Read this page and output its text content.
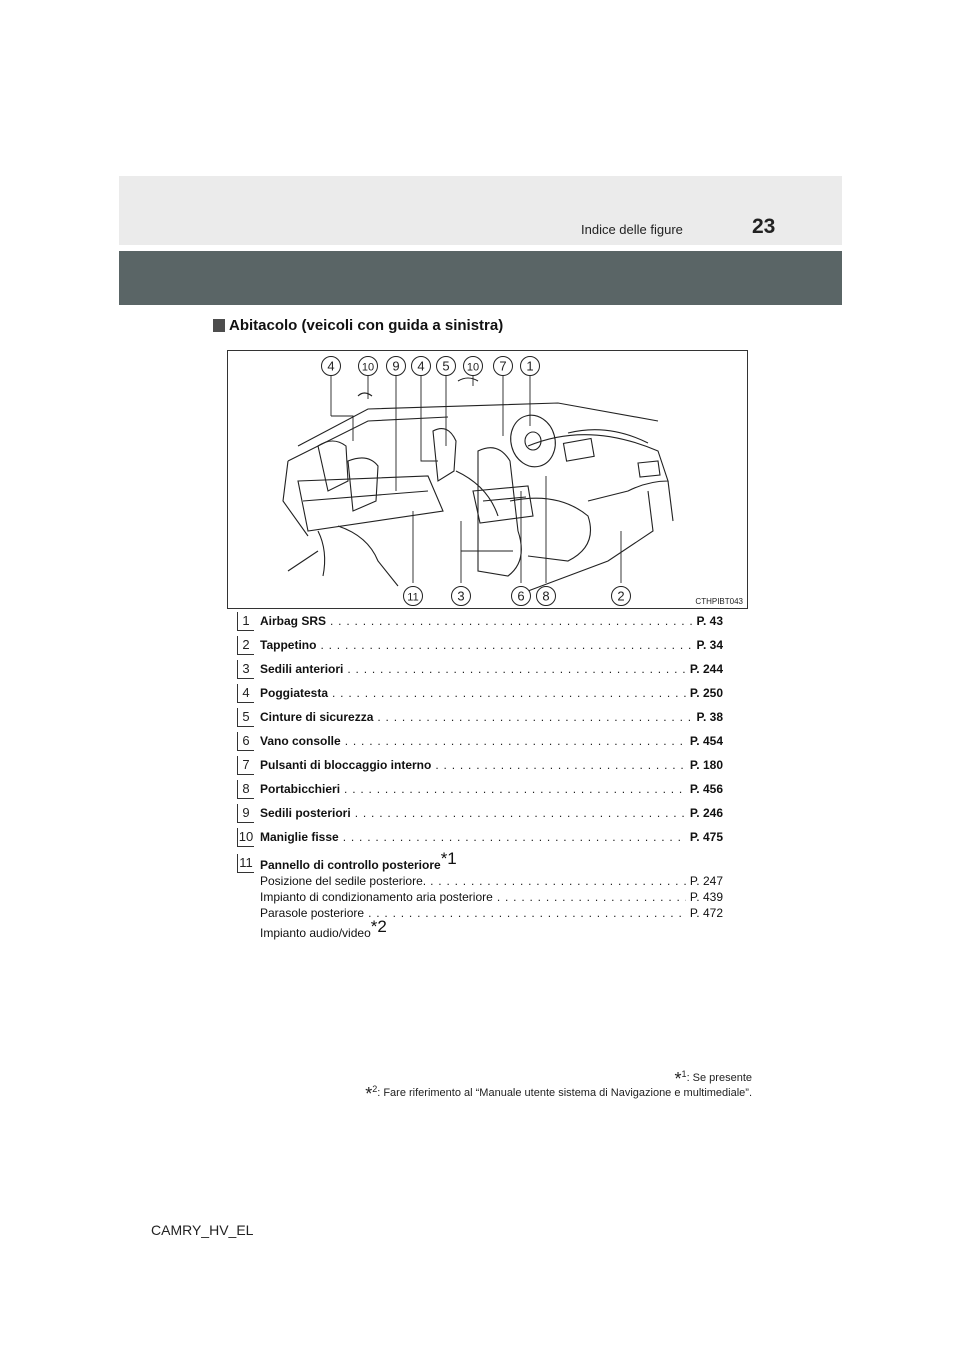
Indice delle figure	23
Abitacolo (veicoli con guida a sinistra)
4 10 9 4 5 10 7 1
11	3	6 8	2	CTHPIBT043
1 Airbag SRS . . .	P. 43
2 Tappetino . . .	P. 34
3 Sedili anteriori . . .	P. 244
4 Poggiatesta . . .	P. 250
5 Cinture di sicurezza . . .	P. 38
6 Vano consolle . . .	P. 454
7 Pulsanti di bloccaggio interno . . .	P. 180
8 Portabicchieri . . .	P. 456
9 Sedili posteriori . . .	P. 246
10 Maniglie fisse . . .	P. 475
11 Pannello di controllo posteriore *1
Posizione del sedile posteriore. . . .	P. 247
Impianto di condizionamento aria posteriore . . .	P. 439
Parasole posteriore . . .	P. 472
Impianto audio/video *2
*$^1$: Se presente
*$^2$: Fare riferimento al “Manuale utente sistema di Navigazione e multimediale”.
CAMRY_HV_EL
